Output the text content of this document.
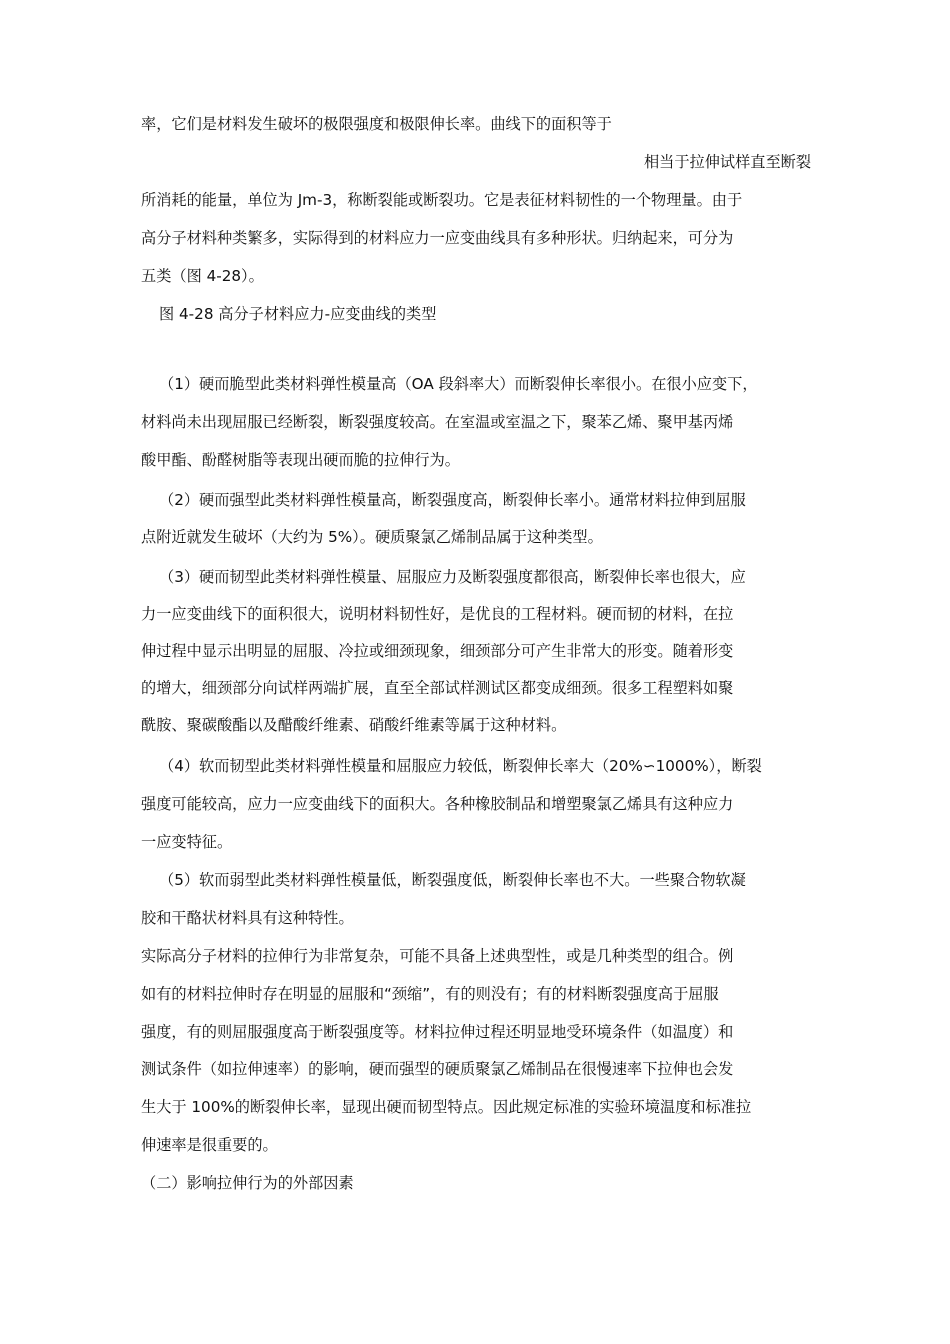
率，它们是材料发生破坏的极限强度和极限伸长率。曲线下的面积等于
相当于拉伸试样直至断裂
所消耗的能量，单位为 Jm-3，称断裂能或断裂功。它是表征材料韧性的一个物理量。由于
高分子材料种类繁多，实际得到的材料应力一应变曲线具有多种形状。归纳起来，可分为
五类（图 4-28）。
图 4-28 高分子材料应力-应变曲线的类型
（1）硬而脆型此类材料弹性模量高（OA 段斜率大）而断裂伸长率很小。在很小应变下，
材料尚未出现屈服已经断裂，断裂强度较高。在室温或室温之下，聚苯乙烯、聚甲基丙烯
酸甲酯、酚醛树脂等表现出硬而脆的拉伸行为。
（2）硬而强型此类材料弹性模量高，断裂强度高，断裂伸长率小。通常材料拉伸到屈服
点附近就发生破坏（大约为 5%）。硬质聚氯乙烯制品属于这种类型。
（3）硬而韧型此类材料弹性模量、屈服应力及断裂强度都很高，断裂伸长率也很大，应
力一应变曲线下的面积很大，说明材料韧性好，是优良的工程材料。硬而韧的材料，在拉
伸过程中显示出明显的屈服、冷拉或细颈现象，细颈部分可产生非常大的形变。随着形变
的增大，细颈部分向试样两端扩展，直至全部试样测试区都变成细颈。很多工程塑料如聚
酰胺、聚碳酸酯以及醋酸纤维素、硝酸纤维素等属于这种材料。
（4）软而韧型此类材料弹性模量和屈服应力较低，断裂伸长率大（20%∽1000%），断裂
强度可能较高，应力一应变曲线下的面积大。各种橡胶制品和增塑聚氯乙烯具有这种应力
一应变特征。
（5）软而弱型此类材料弹性模量低，断裂强度低，断裂伸长率也不大。一些聚合物软凝
胶和干酪状材料具有这种特性。
实际高分子材料的拉伸行为非常复杂，可能不具备上述典型性，或是几种类型的组合。例
如有的材料拉伸时存在明显的屈服和“颈缩”，有的则没有；有的材料断裂强度高于屈服
强度，有的则屈服强度高于断裂强度等。材料拉伸过程还明显地受环境条件（如温度）和
测试条件（如拉伸速率）的影响，硬而强型的硬质聚氯乙烯制品在很慢速率下拉伸也会发
生大于 100%的断裂伸长率，显现出硬而韧型特点。因此规定标准的实验环境温度和标准拉
伸速率是很重要的。
（二）影响拉伸行为的外部因素
